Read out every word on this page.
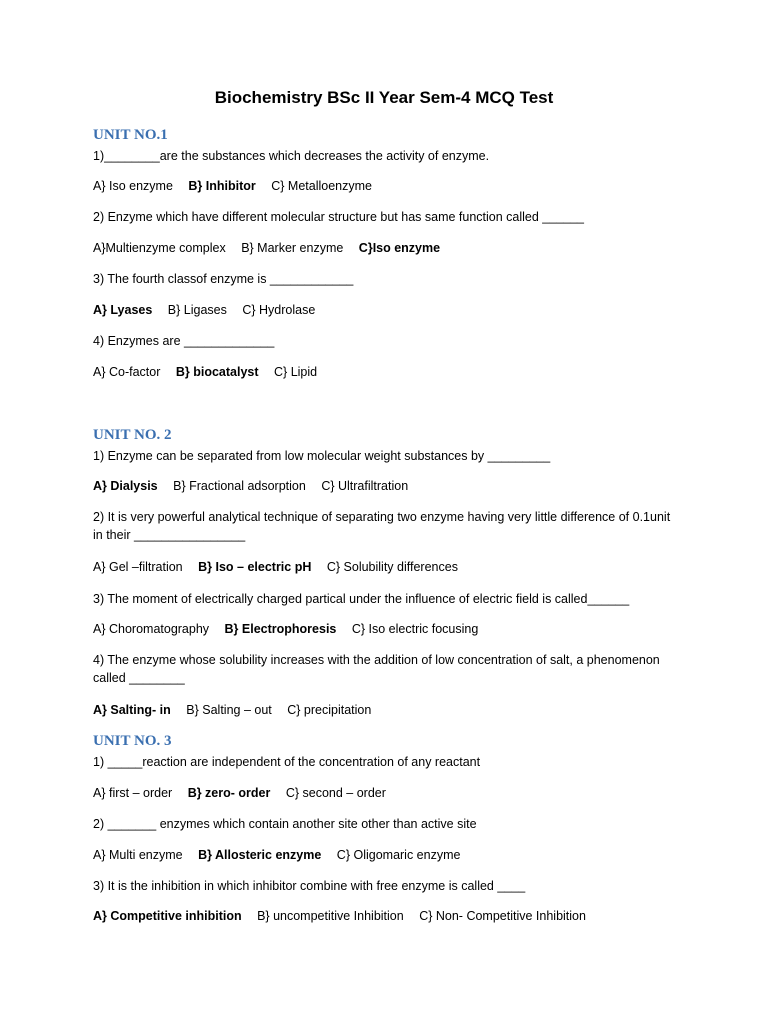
Biochemistry BSc II Year Sem-4 MCQ Test
UNIT NO.1
1)________are the substances which decreases the activity of enzyme.
A} Iso enzyme B} Inhibitor C} Metalloenzyme
2) Enzyme which have different molecular structure but has same function called ______
A}Multienzyme complex B} Marker enzyme C}Iso enzyme
3) The fourth classof enzyme is ____________
A} Lyases B} Ligases C} Hydrolase
4) Enzymes are _____________
A} Co-factor B} biocatalyst C} Lipid
UNIT NO. 2
1) Enzyme can be separated from low molecular weight substances by _________
A} Dialysis B} Fractional adsorption C} Ultrafiltration
2) It is very powerful analytical technique of separating two enzyme having very little difference of 0.1unit in their ________________
A} Gel –filtration B} Iso – electric pH C} Solubility differences
3) The moment of electrically charged partical under the influence of electric field is called______
A} Choromatography B} Electrophoresis C} Iso electric focusing
4) The enzyme whose solubility increases with the addition of low concentration of salt, a phenomenon called ________
A} Salting- in B} Salting – out C} precipitation
UNIT NO. 3
1) _____reaction are independent of the concentration of any reactant
A} first – order B} zero- order C} second – order
2) _______ enzymes which contain another site other than active site
A} Multi enzyme B} Allosteric enzyme C} Oligomaric enzyme
3) It is the inhibition in which inhibitor combine with free enzyme is called ____
A} Competitive inhibition B} uncompetitive Inhibition C} Non- Competitive Inhibition
